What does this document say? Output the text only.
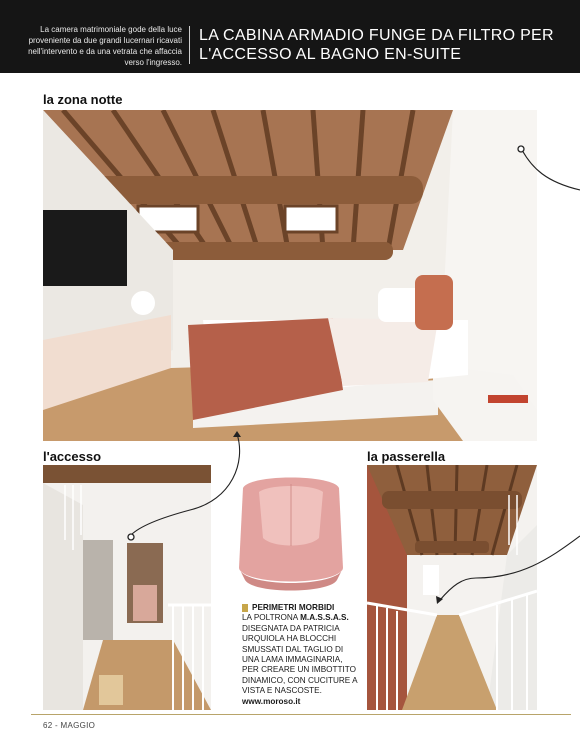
La camera matrimoniale gode della luce proveniente da due grandi lucernari ricavati nell'intervento e da una vetrata che affaccia verso l'ingresso.
LA CABINA ARMADIO FUNGE DA FILTRO PER L'ACCESSO AL BAGNO EN-SUITE
la zona notte
l'accesso
PERIMETRI MORBIDI
LA POLTRONA M.A.S.S.A.S. DISEGNATA DA PATRICIA URQUIOLA HA BLOCCHI SMUSSATI DAL TAGLIO DI UNA LAMA IMMAGINARIA, PER CREARE UN IMBOTTITO DINAMICO, CON CUCITURE A VISTA E NASCOSTE.
www.moroso.it
la passerella
62 - MAGGIO
